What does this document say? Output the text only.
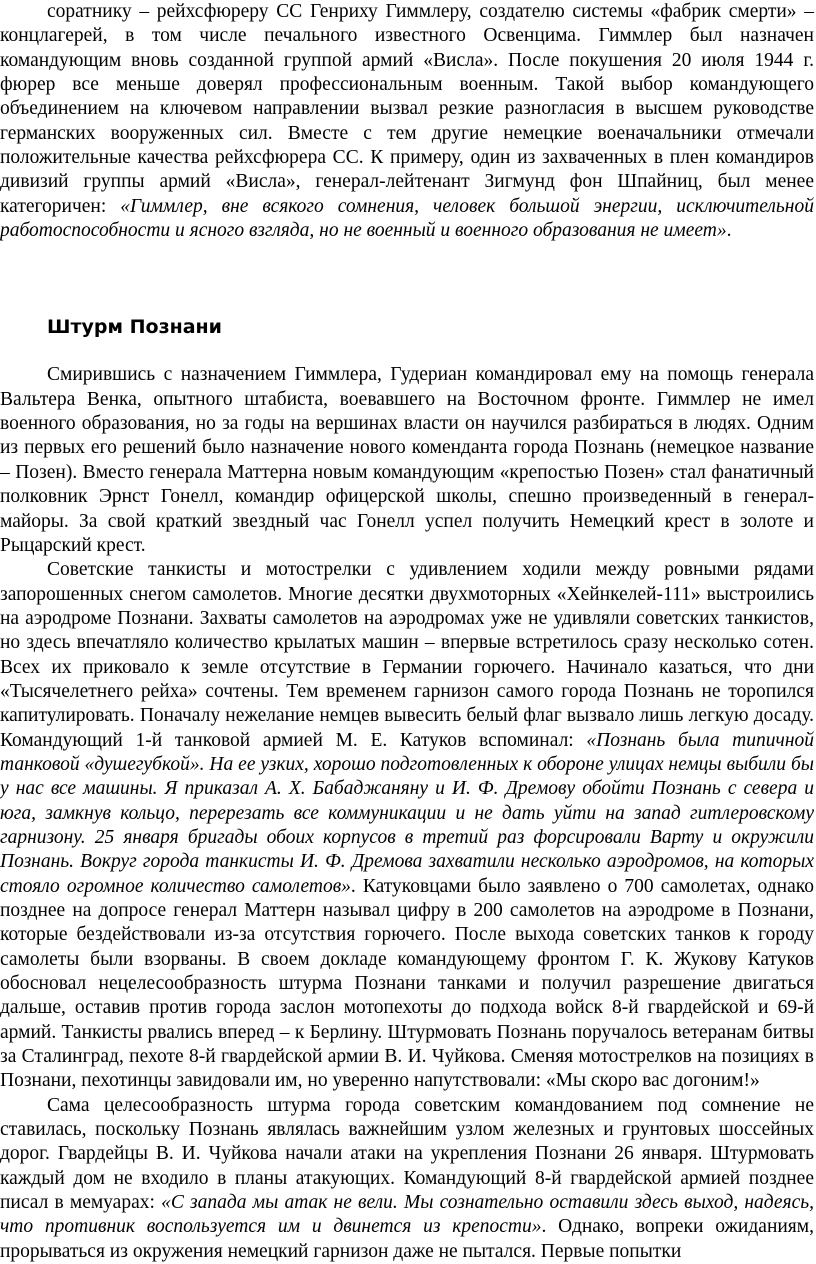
соратнику – рейхсфюреру СС Генриху Гиммлеру, создателю системы «фабрик смерти» – концлагерей, в том числе печального известного Освенцима. Гиммлер был назначен командующим вновь созданной группой армий «Висла». После покушения 20 июля 1944 г. фюрер все меньше доверял профессиональным военным. Такой выбор командующего объединением на ключевом направлении вызвал резкие разногласия в высшем руководстве германских вооруженных сил. Вместе с тем другие немецкие военачальники отмечали положительные качества рейхсфюрера СС. К примеру, один из захваченных в плен командиров дивизий группы армий «Висла», генерал-лейтенант Зигмунд фон Шпайниц, был менее категоричен: «Гиммлер, вне всякого сомнения, человек большой энергии, исключительной работоспособности и ясного взгляда, но не военный и военного образования не имеет».

Штурм Познани

Смирившись с назначением Гиммлера, Гудериан командировал ему на помощь генерала Вальтера Венка, опытного штабиста, воевавшего на Восточном фронте. Гиммлер не имел военного образования, но за годы на вершинах власти он научился разбираться в людях. Одним из первых его решений было назначение нового коменданта города Познань (немецкое название – Позен). Вместо генерала Маттерна новым командующим «крепостью Позен» стал фанатичный полковник Эрнст Гонелл, командир офицерской школы, спешно произведенный в генерал-майоры. За свой краткий звездный час Гонелл успел получить Немецкий крест в золоте и Рыцарский крест.

Советские танкисты и мотострелки с удивлением ходили между ровными рядами запорошенных снегом самолетов. Многие десятки двухмоторных «Хейнкелей-111» выстроились на аэродроме Познани. Захваты самолетов на аэродромах уже не удивляли советских танкистов, но здесь впечатляло количество крылатых машин – впервые встретилось сразу несколько сотен. Всех их приковало к земле отсутствие в Германии горючего. Начинало казаться, что дни «Тысячелетнего рейха» сочтены. Тем временем гарнизон самого города Познань не торопился капитулировать. Поначалу нежелание немцев вывесить белый флаг вызвало лишь легкую досаду. Командующий 1-й танковой армией М. Е. Катуков вспоминал: «Познань была типичной танковой «душегубкой». На ее узких, хорошо подготовленных к обороне улицах немцы выбили бы у нас все машины. Я приказал А. Х. Бабаджаняну и И. Ф. Дремову обойти Познань с севера и юга, замкнув кольцо, перерезать все коммуникации и не дать уйти на запад гитлеровскому гарнизону. 25 января бригады обоих корпусов в третий раз форсировали Варту и окружили Познань. Вокруг города танкисты И. Ф. Дремова захватили несколько аэродромов, на которых стояло огромное количество самолетов». Катуковцами было заявлено о 700 самолетах, однако позднее на допросе генерал Маттерн называл цифру в 200 самолетов на аэродроме в Познани, которые бездействовали из-за отсутствия горючего. После выхода советских танков к городу самолеты были взорваны. В своем докладе командующему фронтом Г. К. Жукову Катуков обосновал нецелесообразность штурма Познани танками и получил разрешение двигаться дальше, оставив против города заслон мотопехоты до подхода войск 8-й гвардейской и 69-й армий. Танкисты рвались вперед – к Берлину. Штурмовать Познань поручалось ветеранам битвы за Сталинград, пехоте 8-й гвардейской армии В. И. Чуйкова. Сменяя мотострелков на позициях в Познани, пехотинцы завидовали им, но уверенно напутствовали: «Мы скоро вас догоним!»

Сама целесообразность штурма города советским командованием под сомнение не ставилась, поскольку Познань являлась важнейшим узлом железных и грунтовых шоссейных дорог. Гвардейцы В. И. Чуйкова начали атаки на укрепления Познани 26 января. Штурмовать каждый дом не входило в планы атакующих. Командующий 8-й гвардейской армией позднее писал в мемуарах: «С запада мы атак не вели. Мы сознательно оставили здесь выход, надеясь, что противник воспользуется им и двинется из крепости». Однако, вопреки ожиданиям, прорываться из окружения немецкий гарнизон даже не пытался. Первые попытки
